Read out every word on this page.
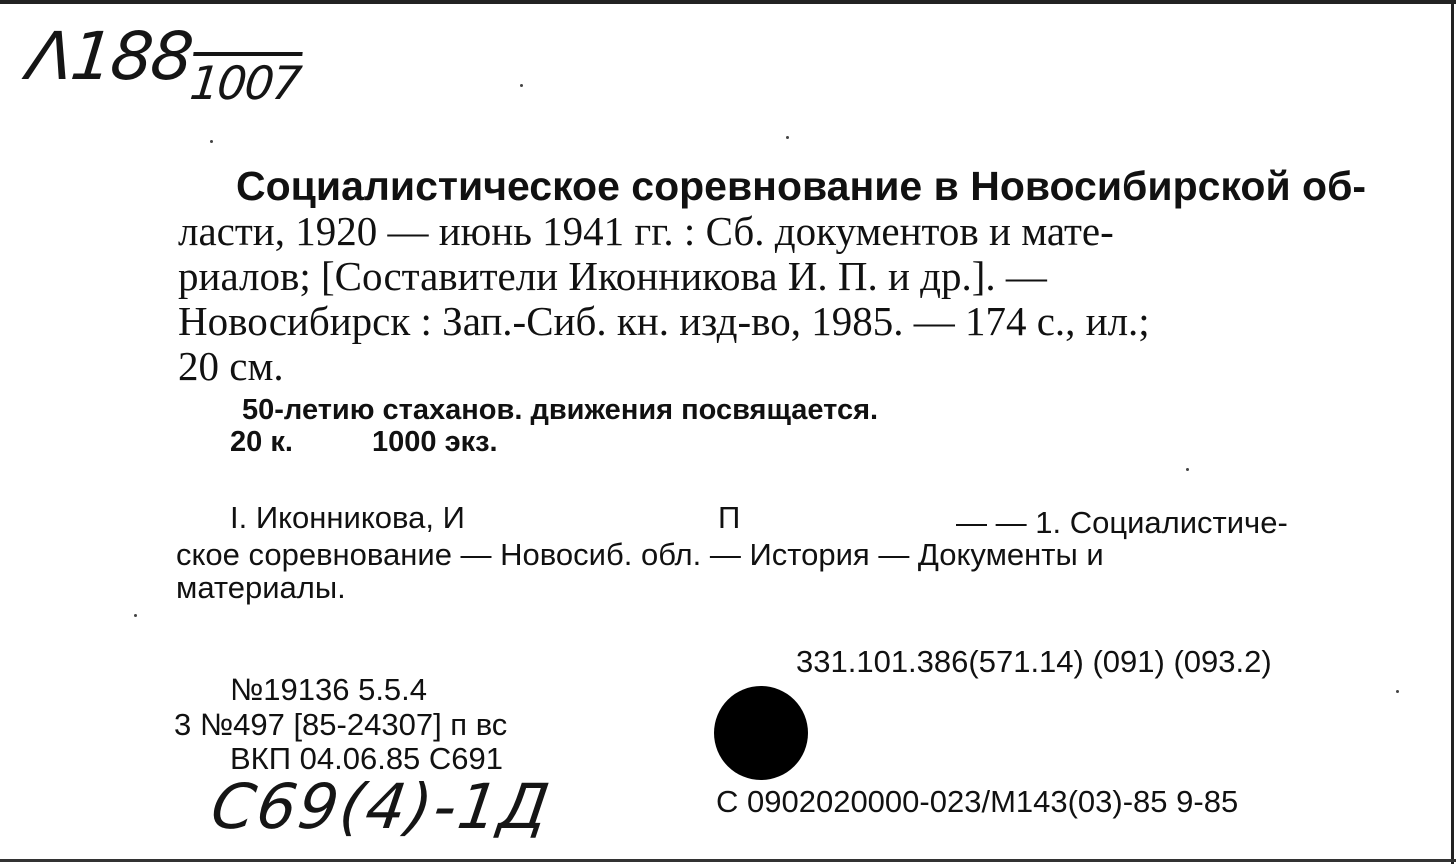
Λ1881007
Социалистическое соревнование в Новосибирской об-
ласти, 1920 — июнь 1941 гг. : Сб. документов и мате-
риалов; [Составители Иконникова И. П. и др.]. —
Новосибирск : Зап.-Сиб. кн. изд-во, 1985. — 174 с., ил.;
20 см.
50-летию стаханов. движения посвящается.
20 к.	1000 экз.
I. Иконникова, И	П	— — 1. Социалистиче-
ское соревнование — Новосиб. обл. — История — Документы и
материалы.
331.101.386(571.14) (091) (093.2)
№19136 5.5.4
3 №497 [85-24307] п вс
ВКП 04.06.85 С691
С69(4)-1Д	С 0902020000-023/М143(03)-85 9-85
